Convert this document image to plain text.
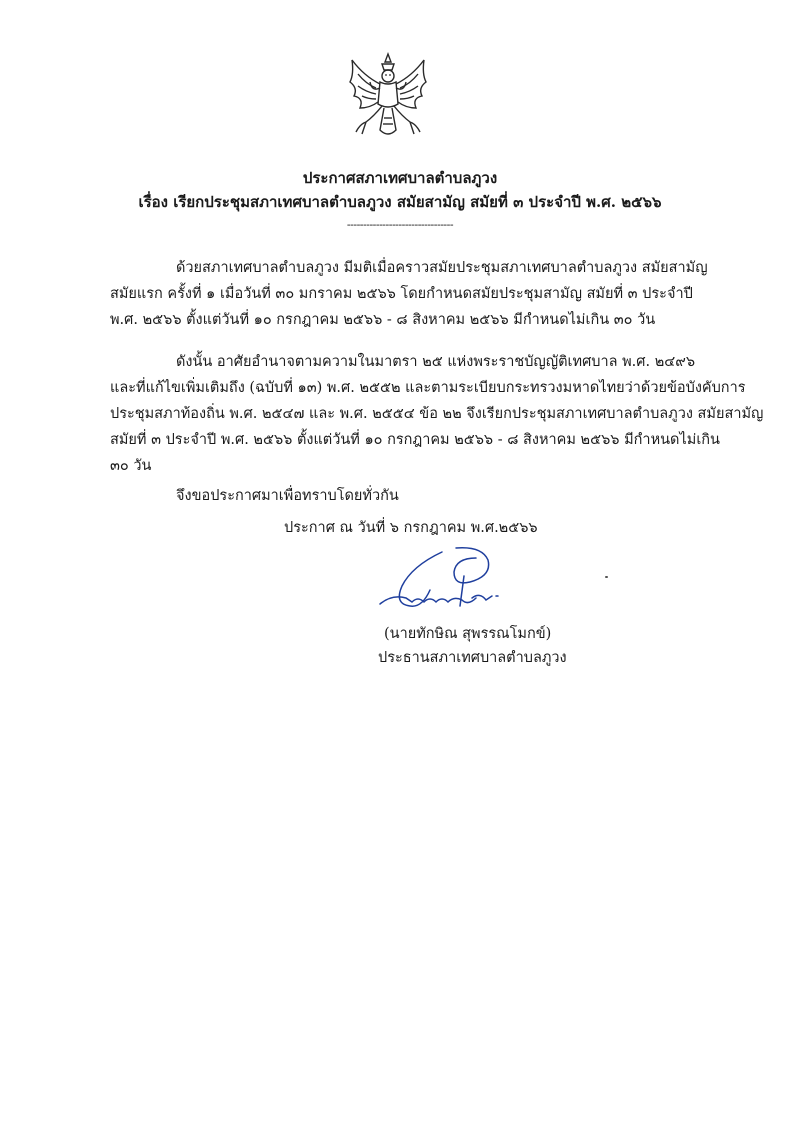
ประกาศสภาเทศบาลตำบลภูวง
เรื่อง เรียกประชุมสภาเทศบาลตำบลภูวง สมัยสามัญ สมัยที่ ๓ ประจำปี พ.ศ. ๒๕๖๖
---------------------------------
ด้วยสภาเทศบาลตำบลภูวง มีมติเมื่อคราวสมัยประชุมสภาเทศบาลตำบลภูวง สมัยสามัญ
สมัยแรก ครั้งที่ ๑ เมื่อวันที่ ๓๐ มกราคม ๒๕๖๖ โดยกำหนดสมัยประชุมสามัญ สมัยที่ ๓ ประจำปี
พ.ศ. ๒๕๖๖ ตั้งแต่วันที่ ๑๐ กรกฎาคม ๒๕๖๖ - ๘ สิงหาคม ๒๕๖๖ มีกำหนดไม่เกิน ๓๐ วัน
ดังนั้น อาศัยอำนาจตามความในมาตรา ๒๕ แห่งพระราชบัญญัติเทศบาล พ.ศ. ๒๔๙๖
และที่แก้ไขเพิ่มเติมถึง (ฉบับที่ ๑๓) พ.ศ. ๒๕๕๒ และตามระเบียบกระทรวงมหาดไทยว่าด้วยข้อบังคับการ
ประชุมสภาท้องถิ่น พ.ศ. ๒๕๔๗ และ พ.ศ. ๒๕๕๔ ข้อ ๒๒ จึงเรียกประชุมสภาเทศบาลตำบลภูวง สมัยสามัญ
สมัยที่ ๓ ประจำปี พ.ศ. ๒๕๖๖ ตั้งแต่วันที่ ๑๐ กรกฎาคม ๒๕๖๖ - ๘ สิงหาคม ๒๕๖๖ มีกำหนดไม่เกิน
๓๐ วัน
จึงขอประกาศมาเพื่อทราบโดยทั่วกัน
ประกาศ ณ วันที่ ๖ กรกฎาคม พ.ศ.๒๕๖๖
(นายทักษิณ สุพรรณโมกข์)
ประธานสภาเทศบาลตำบลภูวง
